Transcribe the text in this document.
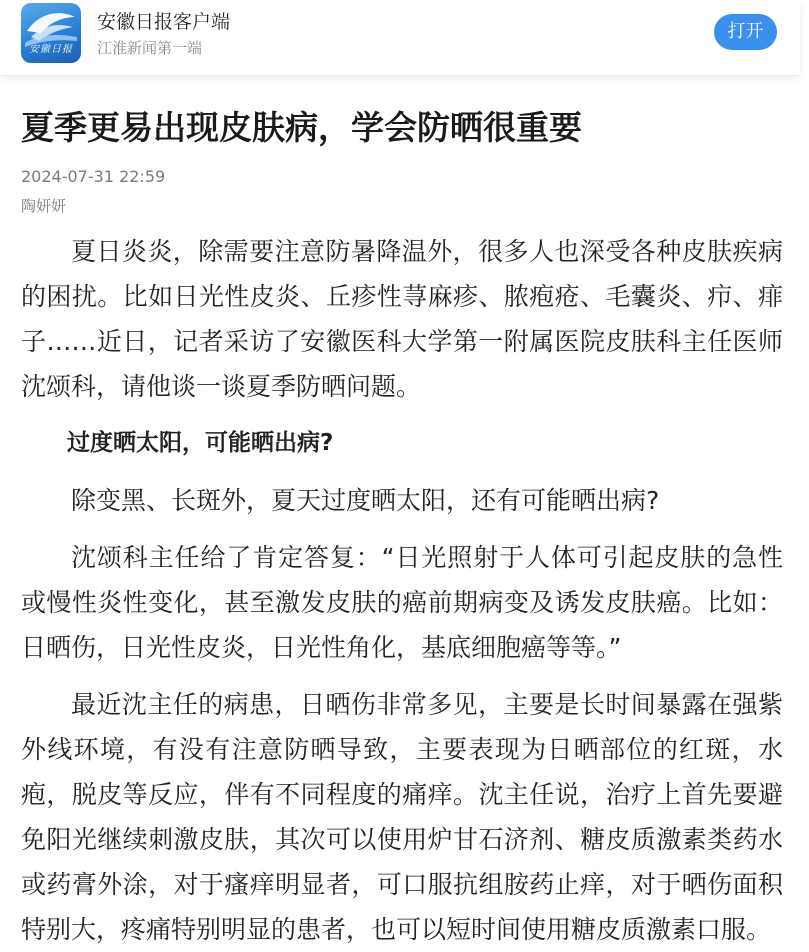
安徽日报
安徽日报客户端
江淮新闻第一端
打开
夏季更易出现皮肤病，学会防晒很重要
2024-07-31 22:59
陶妍妍

夏日炎炎，除需要注意防暑降温外，很多人也深受各种皮肤疾病的困扰。比如日光性皮炎、丘疹性荨麻疹、脓疱疮、毛囊炎、疖、痱子……近日，记者采访了安徽医科大学第一附属医院皮肤科主任医师沈颂科，请他谈一谈夏季防晒问题。

过度晒太阳，可能晒出病?

除变黑、长斑外，夏天过度晒太阳，还有可能晒出病?

沈颂科主任给了肯定答复：“日光照射于人体可引起皮肤的急性或慢性炎性变化，甚至激发皮肤的癌前期病变及诱发皮肤癌。比如：日晒伤，日光性皮炎，日光性角化，基底细胞癌等等。”

最近沈主任的病患，日晒伤非常多见，主要是长时间暴露在强紫外线环境，有没有注意防晒导致，主要表现为日晒部位的红斑，水疱，脱皮等反应，伴有不同程度的痛痒。沈主任说，治疗上首先要避免阳光继续刺激皮肤，其次可以使用炉甘石济剂、糖皮质激素类药水或药膏外涂，对于瘙痒明显者，可口服抗组胺药止痒，对于晒伤面积特别大，疼痛特别明显的患者，也可以短时间使用糖皮质激素口服。
